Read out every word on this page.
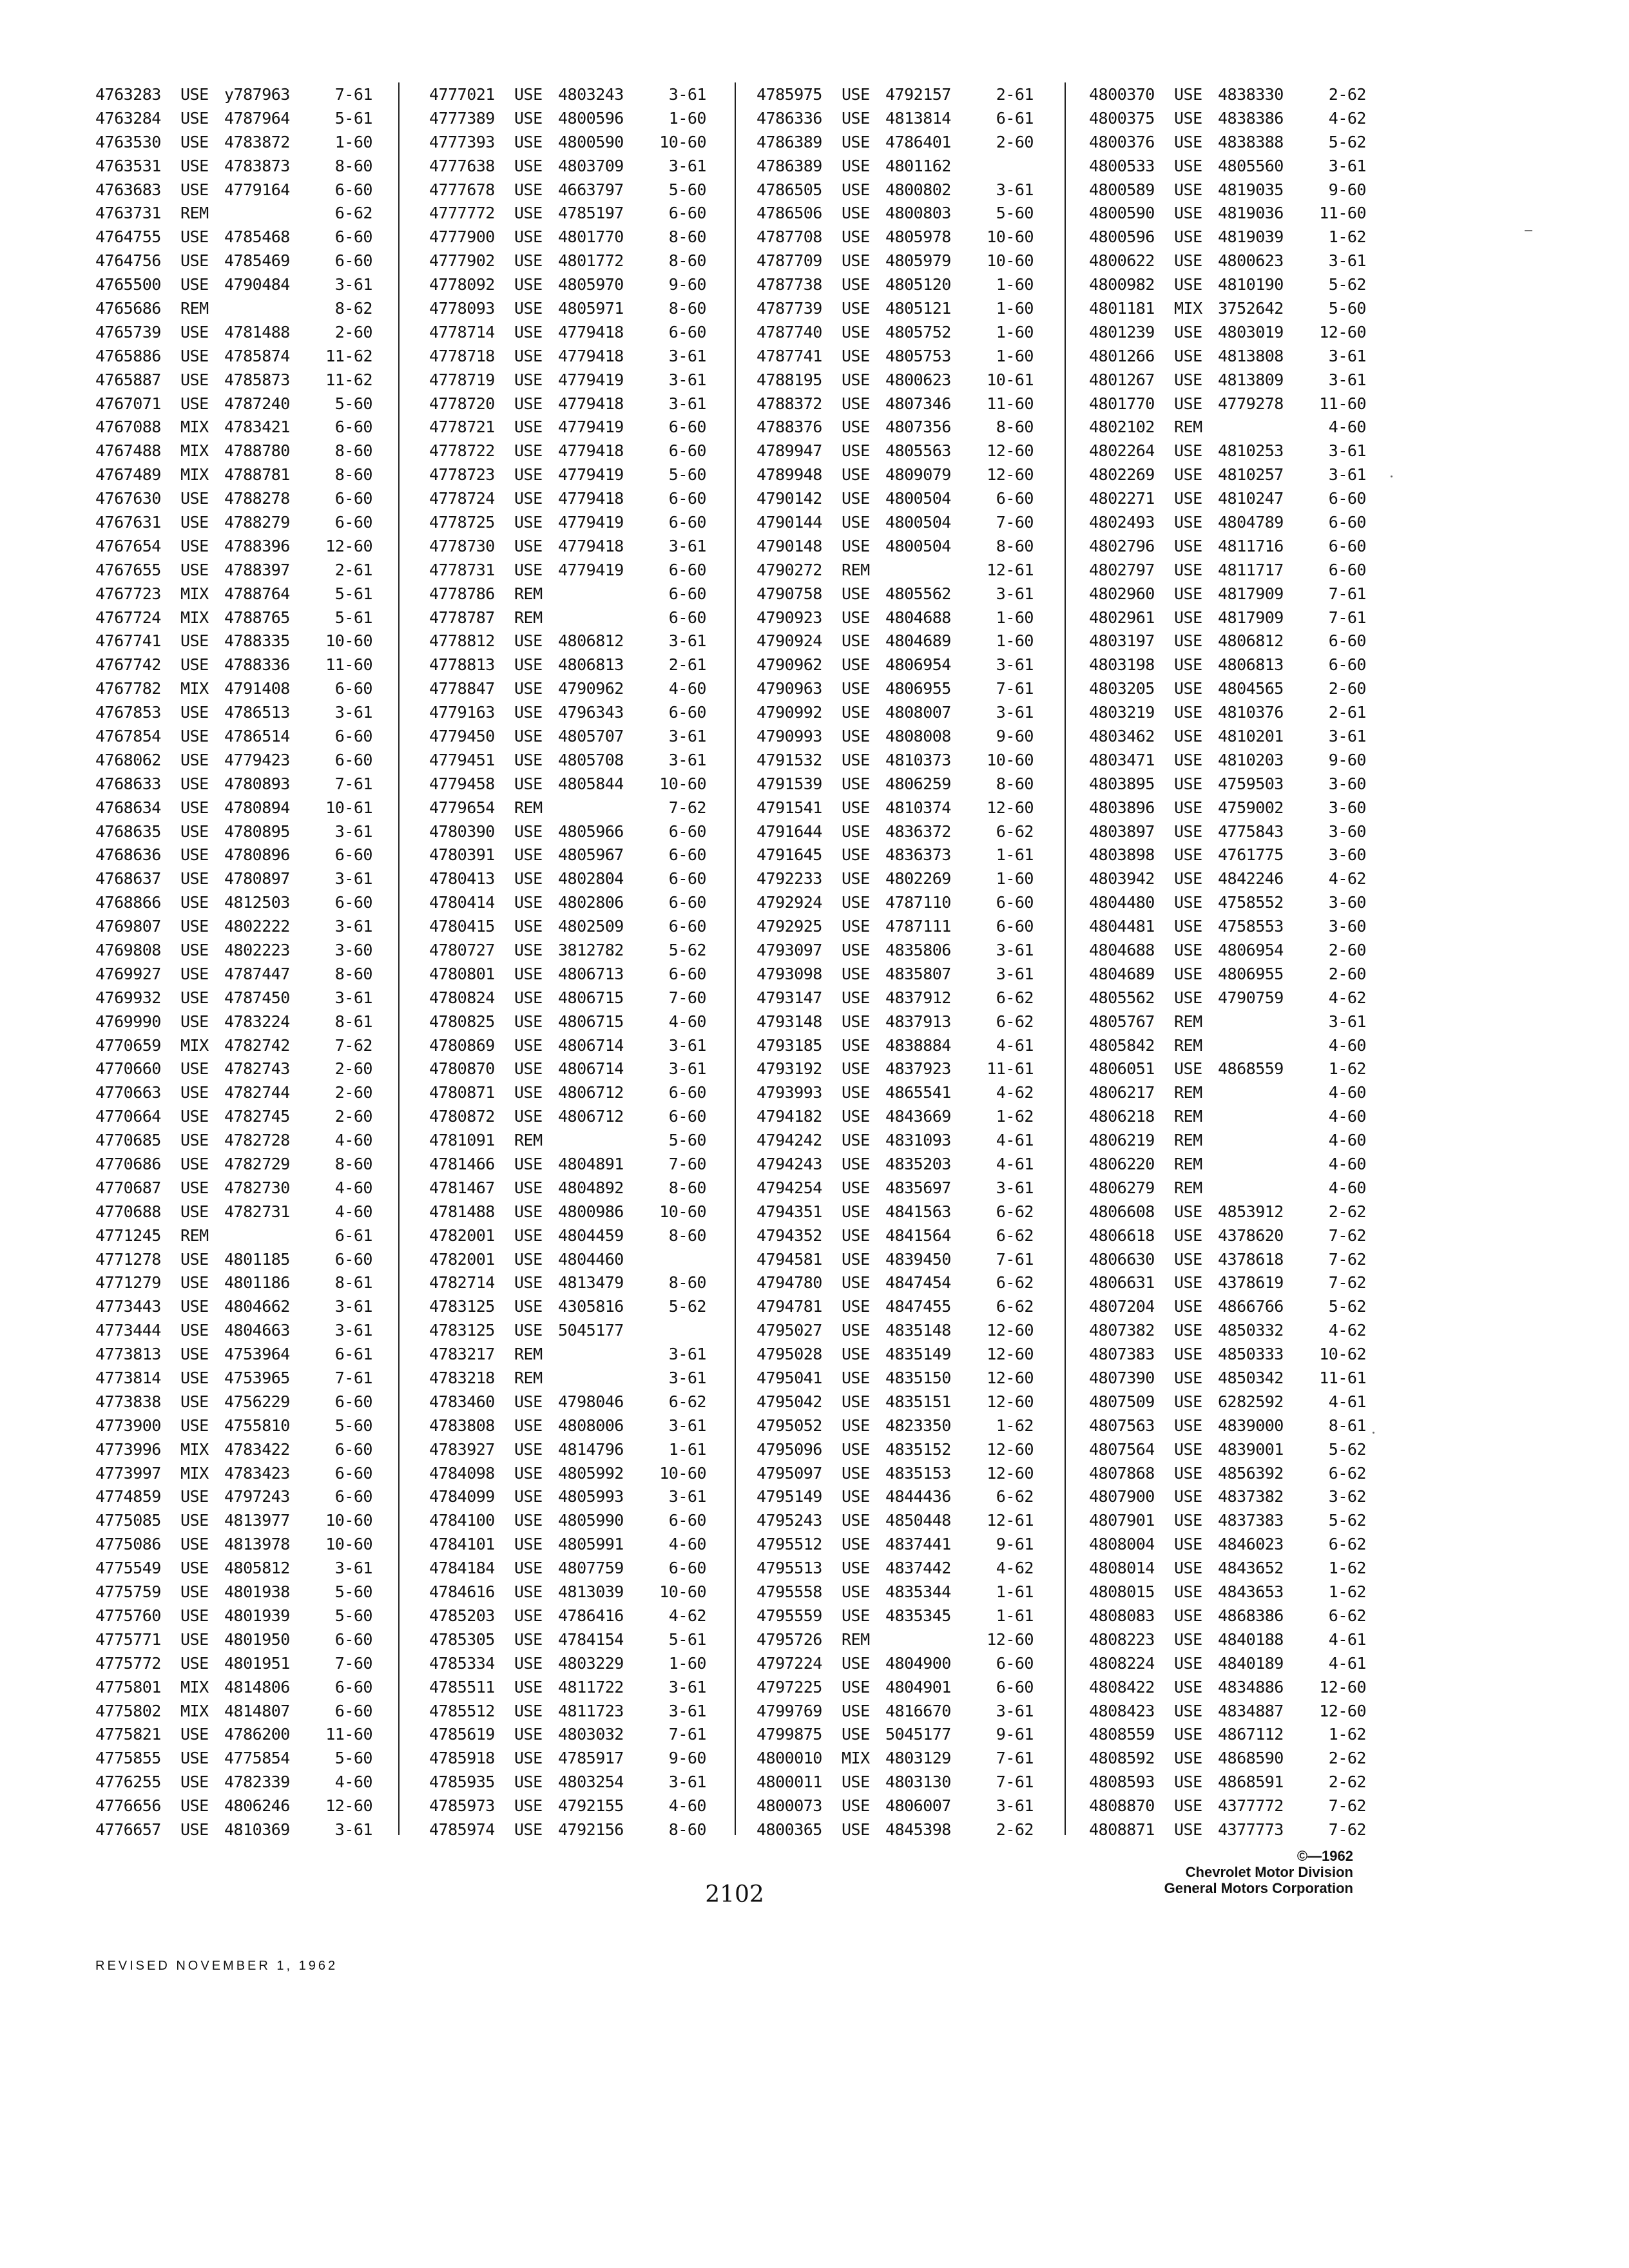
4763283	USE у787963	7-61
4763284	USE 4787964	5-61
4763530	USE 4783872	1-60
4763531	USE 4783873	8-60
4763683	USE 4779164	6-60
4763731	REM	6-62
4764755	USE 4785468	6-60
4764756	USE 4785469	6-60
4765500	USE 4790484	3-61
4765686	REM	8-62
4765739	USE 4781488	2-60
4765886	USE 4785874	11-62
4765887	USE 4785873	11-62
4767071	USE 4787240	5-60
4767088	MIX 4783421	6-60
4767488	MIX 4788780	8-60
4767489	MIX 4788781	8-60
4767630	USE 4788278	6-60
4767631	USE 4788279	6-60
4767654	USE 4788396	12-60
4767655	USE 4788397	2-61
4767723	MIX 4788764	5-61
4767724	MIX 4788765	5-61
4767741	USE 4788335	10-60
4767742	USE 4788336	11-60
4767782	MIX 4791408	6-60
4767853	USE 4786513	3-61
4767854	USE 4786514	6-60
4768062	USE 4779423	6-60
4768633	USE 4780893	7-61
4768634	USE 4780894	10-61
4768635	USE 4780895	3-61
4768636	USE 4780896	6-60
4768637	USE 4780897	3-61
4768866	USE 4812503	6-60
4769807	USE 4802222	3-61
4769808	USE 4802223	3-60
4769927	USE 4787447	8-60
4769932	USE 4787450	3-61
4769990	USE 4783224	8-61
4770659	MIX 4782742	7-62
4770660	USE 4782743	2-60
4770663	USE 4782744	2-60
4770664	USE 4782745	2-60
4770685	USE 4782728	4-60
4770686	USE 4782729	8-60
4770687	USE 4782730	4-60
4770688	USE 4782731	4-60
4771245	REM	6-61
4771278	USE 4801185	6-60
4771279	USE 4801186	8-61
4773443	USE 4804662	3-61
4773444	USE 4804663	3-61
4773813	USE 4753964	6-61
4773814	USE 4753965	7-61
4773838	USE 4756229	6-60
4773900	USE 4755810	5-60
4773996	MIX 4783422	6-60
4773997	MIX 4783423	6-60
4774859	USE 4797243	6-60
4775085	USE 4813977	10-60
4775086	USE 4813978	10-60
4775549	USE 4805812	3-61
4775759	USE 4801938	5-60
4775760	USE 4801939	5-60
4775771	USE 4801950	6-60
4775772	USE 4801951	7-60
4775801	MIX 4814806	6-60
4775802	MIX 4814807	6-60
4775821	USE 4786200	11-60
4775855	USE 4775854	5-60
4776255	USE 4782339	4-60
4776656	USE 4806246	12-60
4776657	USE 4810369	3-61
4777021	USE 4803243	3-61
4777389	USE 4800596	1-60
4777393	USE 4800590	10-60
4777638	USE 4803709	3-61
4777678	USE 4663797	5-60
4777772	USE 4785197	6-60
4777900	USE 4801770	8-60
4777902	USE 4801772	8-60
4778092	USE 4805970	9-60
4778093	USE 4805971	8-60
4778714	USE 4779418	6-60
4778718	USE 4779418	3-61
4778719	USE 4779419	3-61
4778720	USE 4779418	3-61
4778721	USE 4779419	6-60
4778722	USE 4779418	6-60
4778723	USE 4779419	5-60
4778724	USE 4779418	6-60
4778725	USE 4779419	6-60
4778730	USE 4779418	3-61
4778731	USE 4779419	6-60
4778786	REM	6-60
4778787	REM	6-60
4778812	USE 4806812	3-61
4778813	USE 4806813	2-61
4778847	USE 4790962	4-60
4779163	USE 4796343	6-60
4779450	USE 4805707	3-61
4779451	USE 4805708	3-61
4779458	USE 4805844	10-60
4779654	REM	7-62
4780390	USE 4805966	6-60
4780391	USE 4805967	6-60
4780413	USE 4802804	6-60
4780414	USE 4802806	6-60
4780415	USE 4802509	6-60
4780727	USE 3812782	5-62
4780801	USE 4806713	6-60
4780824	USE 4806715	7-60
4780825	USE 4806715	4-60
4780869	USE 4806714	3-61
4780870	USE 4806714	3-61
4780871	USE 4806712	6-60
4780872	USE 4806712	6-60
4781091	REM	5-60
4781466	USE 4804891	7-60
4781467	USE 4804892	8-60
4781488	USE 4800986	10-60
4782001	USE 4804459	8-60
4782001	USE 4804460
4782714	USE 4813479	8-60
4783125	USE 4305816	5-62
4783125	USE 5045177
4783217	REM	3-61
4783218	REM	3-61
4783460	USE 4798046	6-62
4783808	USE 4808006	3-61
4783927	USE 4814796	1-61
4784098	USE 4805992	10-60
4784099	USE 4805993	3-61
4784100	USE 4805990	6-60
4784101	USE 4805991	4-60
4784184	USE 4807759	6-60
4784616	USE 4813039	10-60
4785203	USE 4786416	4-62
4785305	USE 4784154	5-61
4785334	USE 4803229	1-60
4785511	USE 4811722	3-61
4785512	USE 4811723	3-61
4785619	USE 4803032	7-61
4785918	USE 4785917	9-60
4785935	USE 4803254	3-61
4785973	USE 4792155	4-60
4785974	USE 4792156	8-60
4785975	USE 4792157	2-61
4786336	USE 4813814	6-61
4786389	USE 4786401	2-60
4786389	USE 4801162
4786505	USE 4800802	3-61
4786506	USE 4800803	5-60
4787708	USE 4805978	10-60
4787709	USE 4805979	10-60
4787738	USE 4805120	1-60
4787739	USE 4805121	1-60
4787740	USE 4805752	1-60
4787741	USE 4805753	1-60
4788195	USE 4800623	10-61
4788372	USE 4807346	11-60
4788376	USE 4807356	8-60
4789947	USE 4805563	12-60
4789948	USE 4809079	12-60
4790142	USE 4800504	6-60
4790144	USE 4800504	7-60
4790148	USE 4800504	8-60
4790272	REM	12-61
4790758	USE 4805562	3-61
4790923	USE 4804688	1-60
4790924	USE 4804689	1-60
4790962	USE 4806954	3-61
4790963	USE 4806955	7-61
4790992	USE 4808007	3-61
4790993	USE 4808008	9-60
4791532	USE 4810373	10-60
4791539	USE 4806259	8-60
4791541	USE 4810374	12-60
4791644	USE 4836372	6-62
4791645	USE 4836373	1-61
4792233	USE 4802269	1-60
4792924	USE 4787110	6-60
4792925	USE 4787111	6-60
4793097	USE 4835806	3-61
4793098	USE 4835807	3-61
4793147	USE 4837912	6-62
4793148	USE 4837913	6-62
4793185	USE 4838884	4-61
4793192	USE 4837923	11-61
4793993	USE 4865541	4-62
4794182	USE 4843669	1-62
4794242	USE 4831093	4-61
4794243	USE 4835203	4-61
4794254	USE 4835697	3-61
4794351	USE 4841563	6-62
4794352	USE 4841564	6-62
4794581	USE 4839450	7-61
4794780	USE 4847454	6-62
4794781	USE 4847455	6-62
4795027	USE 4835148	12-60
4795028	USE 4835149	12-60
4795041	USE 4835150	12-60
4795042	USE 4835151	12-60
4795052	USE 4823350	1-62
4795096	USE 4835152	12-60
4795097	USE 4835153	12-60
4795149	USE 4844436	6-62
4795243	USE 4850448	12-61
4795512	USE 4837441	9-61
4795513	USE 4837442	4-62
4795558	USE 4835344	1-61
4795559	USE 4835345	1-61
4795726	REM	12-60
4797224	USE 4804900	6-60
4797225	USE 4804901	6-60
4799769	USE 4816670	3-61
4799875	USE 5045177	9-61
4800010	MIX 4803129	7-61
4800011	USE 4803130	7-61
4800073	USE 4806007	3-61
4800365	USE 4845398	2-62
4800370	USE 4838330	2-62
4800375	USE 4838386	4-62
4800376	USE 4838388	5-62
4800533	USE 4805560	3-61
4800589	USE 4819035	9-60
4800590	USE 4819036	11-60
4800596	USE 4819039	1-62
4800622	USE 4800623	3-61
4800982	USE 4810190	5-62
4801181	MIX 3752642	5-60
4801239	USE 4803019	12-60
4801266	USE 4813808	3-61
4801267	USE 4813809	3-61
4801770	USE 4779278	11-60
4802102	REM	4-60
4802264	USE 4810253	3-61
4802269	USE 4810257	3-61
4802271	USE 4810247	6-60
4802493	USE 4804789	6-60
4802796	USE 4811716	6-60
4802797	USE 4811717	6-60
4802960	USE 4817909	7-61
4802961	USE 4817909	7-61
4803197	USE 4806812	6-60
4803198	USE 4806813	6-60
4803205	USE 4804565	2-60
4803219	USE 4810376	2-61
4803462	USE 4810201	3-61
4803471	USE 4810203	9-60
4803895	USE 4759503	3-60
4803896	USE 4759002	3-60
4803897	USE 4775843	3-60
4803898	USE 4761775	3-60
4803942	USE 4842246	4-62
4804480	USE 4758552	3-60
4804481	USE 4758553	3-60
4804688	USE 4806954	2-60
4804689	USE 4806955	2-60
4805562	USE 4790759	4-62
4805767	REM	3-61
4805842	REM	4-60
4806051	USE 4868559	1-62
4806217	REM	4-60
4806218	REM	4-60
4806219	REM	4-60
4806220	REM	4-60
4806279	REM	4-60
4806608	USE 4853912	2-62
4806618	USE 4378620	7-62
4806630	USE 4378618	7-62
4806631	USE 4378619	7-62
4807204	USE 4866766	5-62
4807382	USE 4850332	4-62
4807383	USE 4850333	10-62
4807390	USE 4850342	11-61
4807509	USE 6282592	4-61
4807563	USE 4839000	8-61
4807564	USE 4839001	5-62
4807868	USE 4856392	6-62
4807900	USE 4837382	3-62
4807901	USE 4837383	5-62
4808004	USE 4846023	6-62
4808014	USE 4843652	1-62
4808015	USE 4843653	1-62
4808083	USE 4868386	6-62
4808223	USE 4840188	4-61
4808224	USE 4840189	4-61
4808422	USE 4834886	12-60
4808423	USE 4834887	12-60
4808559	USE 4867112	1-62
4808592	USE 4868590	2-62
4808593	USE 4868591	2-62
4808870	USE 4377772	7-62
4808871	USE 4377773	7-62
©—1962
Chevrolet Motor Division
General Motors Corporation
2102
REVISED NOVEMBER 1, 1962
